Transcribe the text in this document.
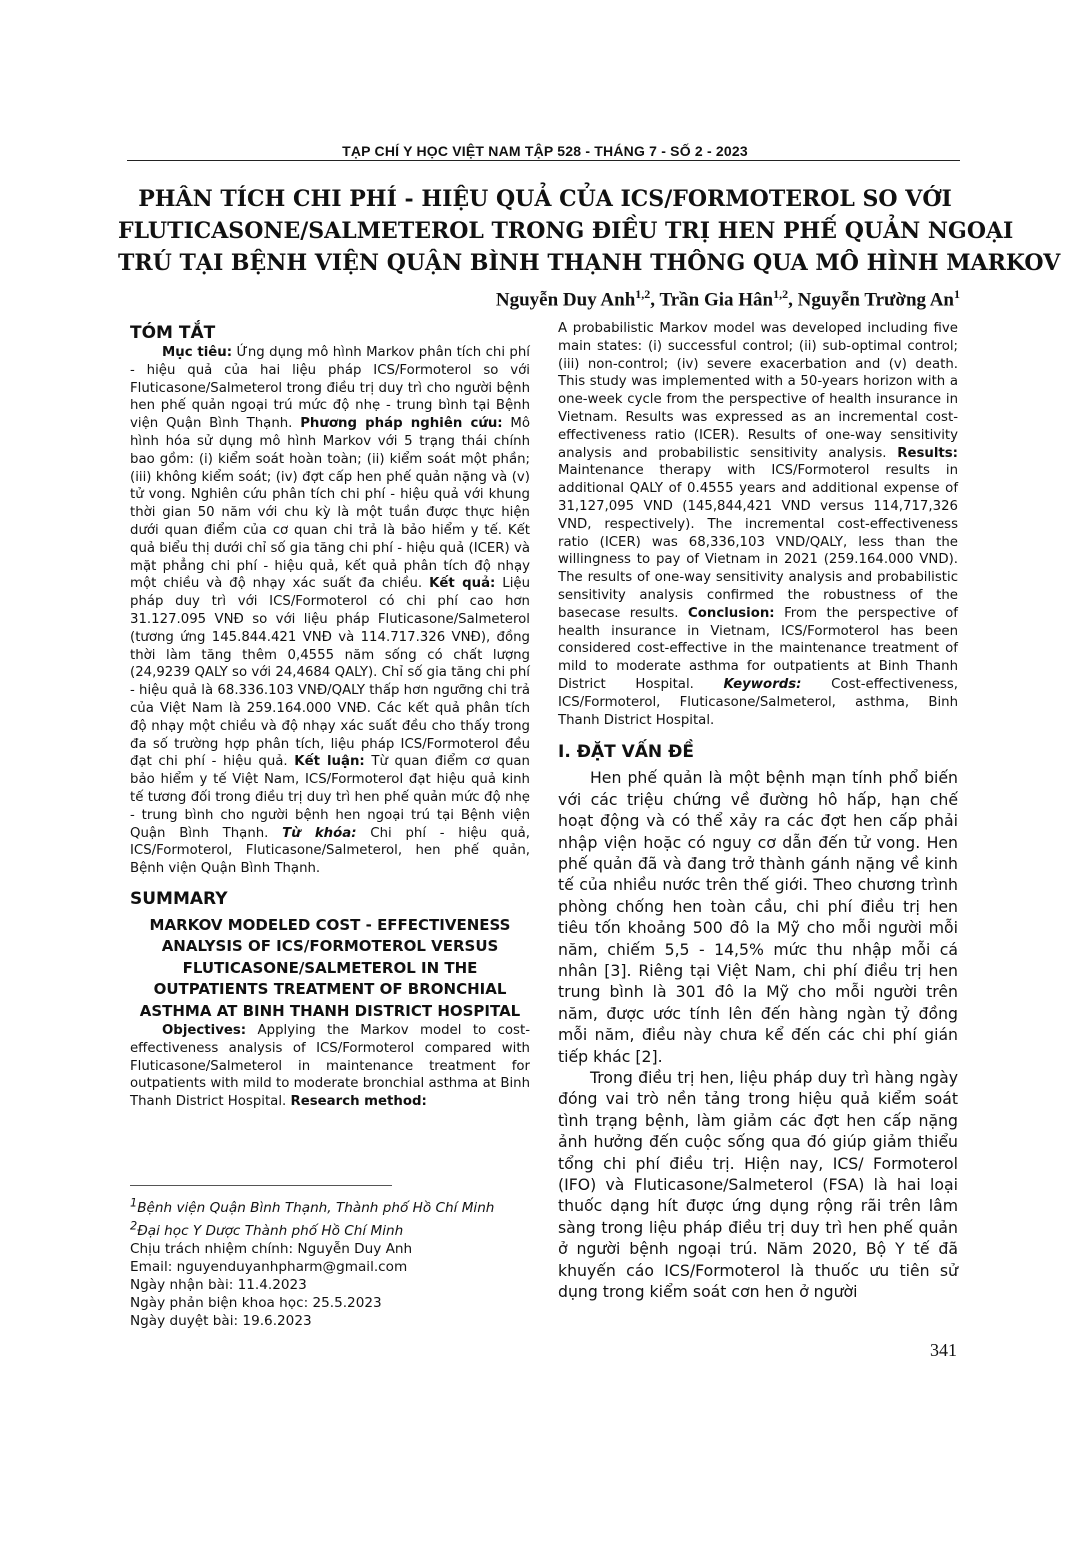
TẠP CHÍ Y HỌC VIỆT NAM TẬP 528 - THÁNG 7 - SỐ 2 - 2023
PHÂN TÍCH CHI PHÍ - HIỆU QUẢ CỦA ICS/FORMOTEROL SO VỚI
FLUTICASONE/SALMETEROL TRONG ĐIỀU TRỊ HEN PHẾ QUẢN NGOẠI
TRÚ TẠI BỆNH VIỆN QUẬN BÌNH THẠNH THÔNG QUA MÔ HÌNH MARKOV
Nguyễn Duy Anh$^{1,2}$, Trần Gia Hân$^{1,2}$, Nguyễn Trường An$^1$
TÓM TẮT

Mục tiêu: Ứng dụng mô hình Markov phân tích chi phí - hiệu quả của hai liệu pháp ICS/Formoterol so với Fluticasone/Salmeterol trong điều trị duy trì cho người bệnh hen phế quản ngoại trú mức độ nhẹ - trung bình tại Bệnh viện Quận Bình Thạnh. Phương pháp nghiên cứu: Mô hình hóa sử dụng mô hình Markov với 5 trạng thái chính bao gồm: (i) kiểm soát hoàn toàn; (ii) kiểm soát một phần; (iii) không kiểm soát; (iv) đợt cấp hen phế quản nặng và (v) tử vong. Nghiên cứu phân tích chi phí - hiệu quả với khung thời gian 50 năm với chu kỳ là một tuần được thực hiện dưới quan điểm của cơ quan chi trả là bảo hiểm y tế. Kết quả biểu thị dưới chỉ số gia tăng chi phí - hiệu quả (ICER) và mặt phẳng chi phí - hiệu quả, kết quả phân tích độ nhạy một chiều và độ nhạy xác suất đa chiều. Kết quả: Liệu pháp duy trì với ICS/Formoterol có chi phí cao hơn 31.127.095 VNĐ so với liệu pháp Fluticasone/Salmeterol (tương ứng 145.844.421 VNĐ và 114.717.326 VNĐ), đồng thời làm tăng thêm 0,4555 năm sống có chất lượng (24,9239 QALY so với 24,4684 QALY). Chỉ số gia tăng chi phí - hiệu quả là 68.336.103 VNĐ/QALY thấp hơn ngưỡng chi trả của Việt Nam là 259.164.000 VNĐ. Các kết quả phân tích độ nhạy một chiều và độ nhạy xác suất đều cho thấy trong đa số trường hợp phân tích, liệu pháp ICS/Formoterol đều đạt chi phí - hiệu quả. Kết luận: Từ quan điểm cơ quan bảo hiểm y tế Việt Nam, ICS/Formoterol đạt hiệu quả kinh tế tương đối trong điều trị duy trì hen phế quản mức độ nhẹ - trung bình cho người bệnh hen ngoại trú tại Bệnh viện Quận Bình Thạnh. Từ khóa: Chi phí - hiệu quả, ICS/Formoterol, Fluticasone/Salmeterol, hen phế quản, Bệnh viện Quận Bình Thạnh.

SUMMARY
MARKOV MODELED COST - EFFECTIVENESS ANALYSIS OF ICS/FORMOTEROL VERSUS FLUTICASONE/SALMETEROL IN THE OUTPATIENTS TREATMENT OF BRONCHIAL ASTHMA AT BINH THANH DISTRICT HOSPITAL

Objectives: Applying the Markov model to cost-effectiveness analysis of ICS/Formoterol compared with Fluticasone/Salmeterol in maintenance treatment for outpatients with mild to moderate bronchial asthma at Binh Thanh District Hospital. Research method:

A probabilistic Markov model was developed including five main states: (i) successful control; (ii) sub-optimal control; (iii) non-control; (iv) severe exacerbation and (v) death. This study was implemented with a 50-years horizon with a one-week cycle from the perspective of health insurance in Vietnam. Results was expressed as an incremental cost-effectiveness ratio (ICER). Results of one-way sensitivity analysis and probabilistic sensitivity analysis. Results: Maintenance therapy with ICS/Formoterol results in additional QALY of 0.4555 years and additional expense of 31,127,095 VND (145,844,421 VND versus 114,717,326 VND, respectively). The incremental cost-effectiveness ratio (ICER) was 68,336,103 VND/QALY, less than the willingness to pay of Vietnam in 2021 (259.164.000 VND). The results of one-way sensitivity analysis and probabilistic sensitivity analysis confirmed the robustness of the basecase results. Conclusion: From the perspective of health insurance in Vietnam, ICS/Formoterol has been considered cost-effective in the maintenance treatment of mild to moderate asthma for outpatients at Binh Thanh District Hospital. Keywords: Cost-effectiveness, ICS/Formoterol, Fluticasone/Salmeterol, asthma, Binh Thanh District Hospital.

I. ĐẶT VẤN ĐỀ

Hen phế quản là một bệnh mạn tính phổ biến với các triệu chứng về đường hô hấp, hạn chế hoạt động và có thể xảy ra các đợt hen cấp phải nhập viện hoặc có nguy cơ dẫn đến tử vong. Hen phế quản đã và đang trở thành gánh nặng về kinh tế của nhiều nước trên thế giới. Theo chương trình phòng chống hen toàn cầu, chi phí điều trị hen tiêu tốn khoảng 500 đô la Mỹ cho mỗi người mỗi năm, chiếm 5,5 - 14,5% mức thu nhập mỗi cá nhân [3]. Riêng tại Việt Nam, chi phí điều trị hen trung bình là 301 đô la Mỹ cho mỗi người trên năm, được ước tính lên đến hàng ngàn tỷ đồng mỗi năm, điều này chưa kể đến các chi phí gián tiếp khác [2].

Trong điều trị hen, liệu pháp duy trì hàng ngày đóng vai trò nền tảng trong hiệu quả kiểm soát tình trạng bệnh, làm giảm các đợt hen cấp nặng ảnh hưởng đến cuộc sống qua đó giúp giảm thiểu tổng chi phí điều trị. Hiện nay, ICS/ Formoterol (IFO) và Fluticasone/Salmeterol (FSA) là hai loại thuốc dạng hít được ứng dụng rộng rãi trên lâm sàng trong liệu pháp điều trị duy trì hen phế quản ở người bệnh ngoại trú. Năm 2020, Bộ Y tế đã khuyến cáo ICS/Formoterol là thuốc ưu tiên sử dụng trong kiểm soát cơn hen ở người

$^1$Bệnh viện Quận Bình Thạnh, Thành phố Hồ Chí Minh
$^2$Đại học Y Dược Thành phố Hồ Chí Minh
Chịu trách nhiệm chính: Nguyễn Duy Anh
Email: nguyenduyanhpharm@gmail.com
Ngày nhận bài: 11.4.2023
Ngày phản biện khoa học: 25.5.2023
Ngày duyệt bài: 19.6.2023
341
